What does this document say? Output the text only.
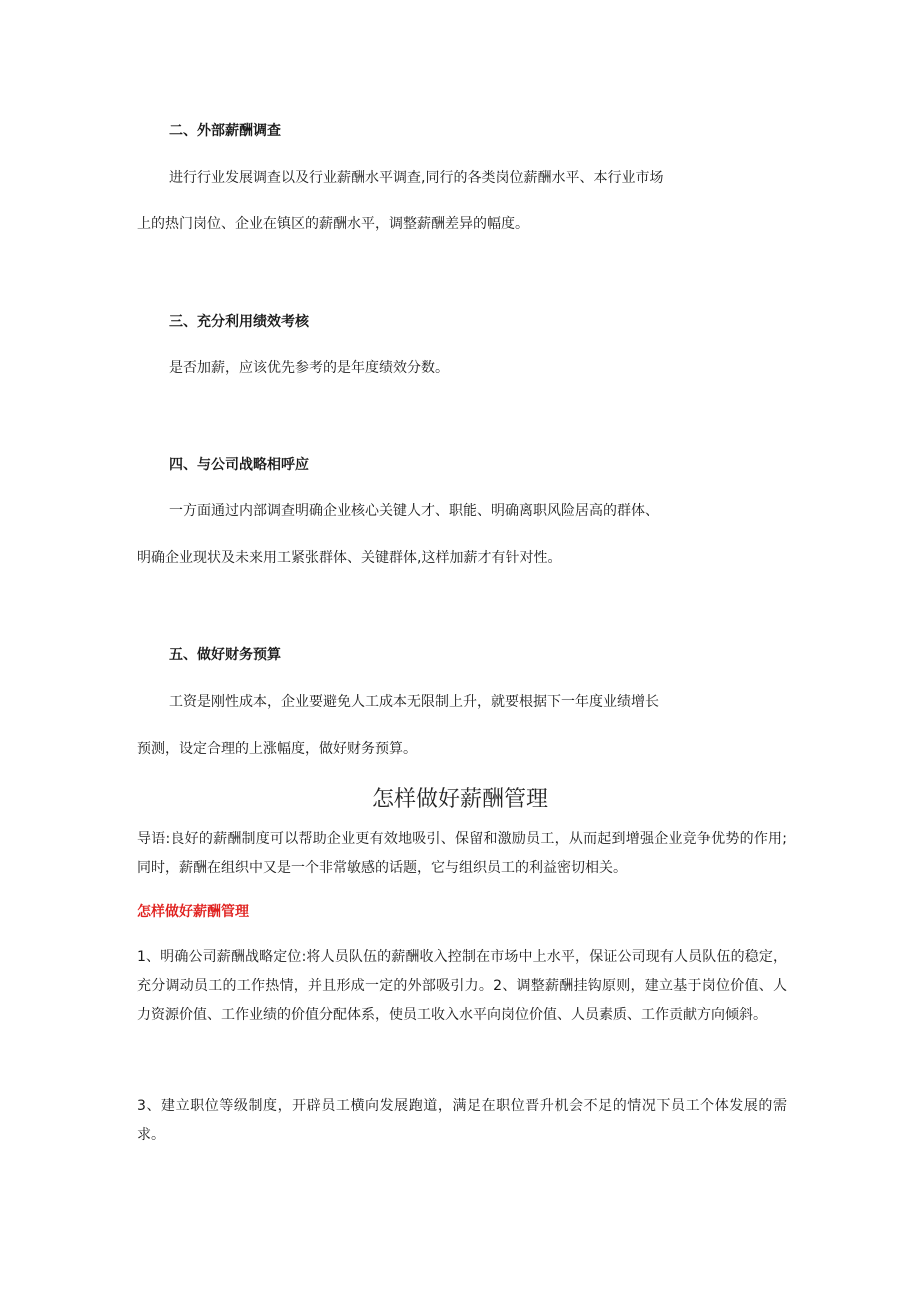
二、外部薪酬调查
进行行业发展调查以及行业薪酬水平调查,同行的各类岗位薪酬水平、本行业市场
上的热门岗位、企业在镇区的薪酬水平，调整薪酬差异的幅度。
三、充分利用绩效考核
是否加薪，应该优先参考的是年度绩效分数。
四、与公司战略相呼应
一方面通过内部调查明确企业核心关键人才、职能、明确离职风险居高的群体、
明确企业现状及未来用工紧张群体、关键群体,这样加薪才有针对性。
五、做好财务预算
工资是刚性成本，企业要避免人工成本无限制上升，就要根据下一年度业绩增长
预测，设定合理的上涨幅度，做好财务预算。
怎样做好薪酬管理
导语:良好的薪酬制度可以帮助企业更有效地吸引、保留和激励员工，从而起到增强企业竞争优势的作用;同时，薪酬在组织中又是一个非常敏感的话题，它与组织员工的利益密切相关。
怎样做好薪酬管理
1、明确公司薪酬战略定位:将人员队伍的薪酬收入控制在市场中上水平，保证公司现有人员队伍的稳定，充分调动员工的工作热情，并且形成一定的外部吸引力。2、调整薪酬挂钩原则，建立基于岗位价值、人力资源价值、工作业绩的价值分配体系，使员工收入水平向岗位价值、人员素质、工作贡献方向倾斜。
3、建立职位等级制度，开辟员工横向发展跑道，满足在职位晋升机会不足的情况下员工个体发展的需求。
